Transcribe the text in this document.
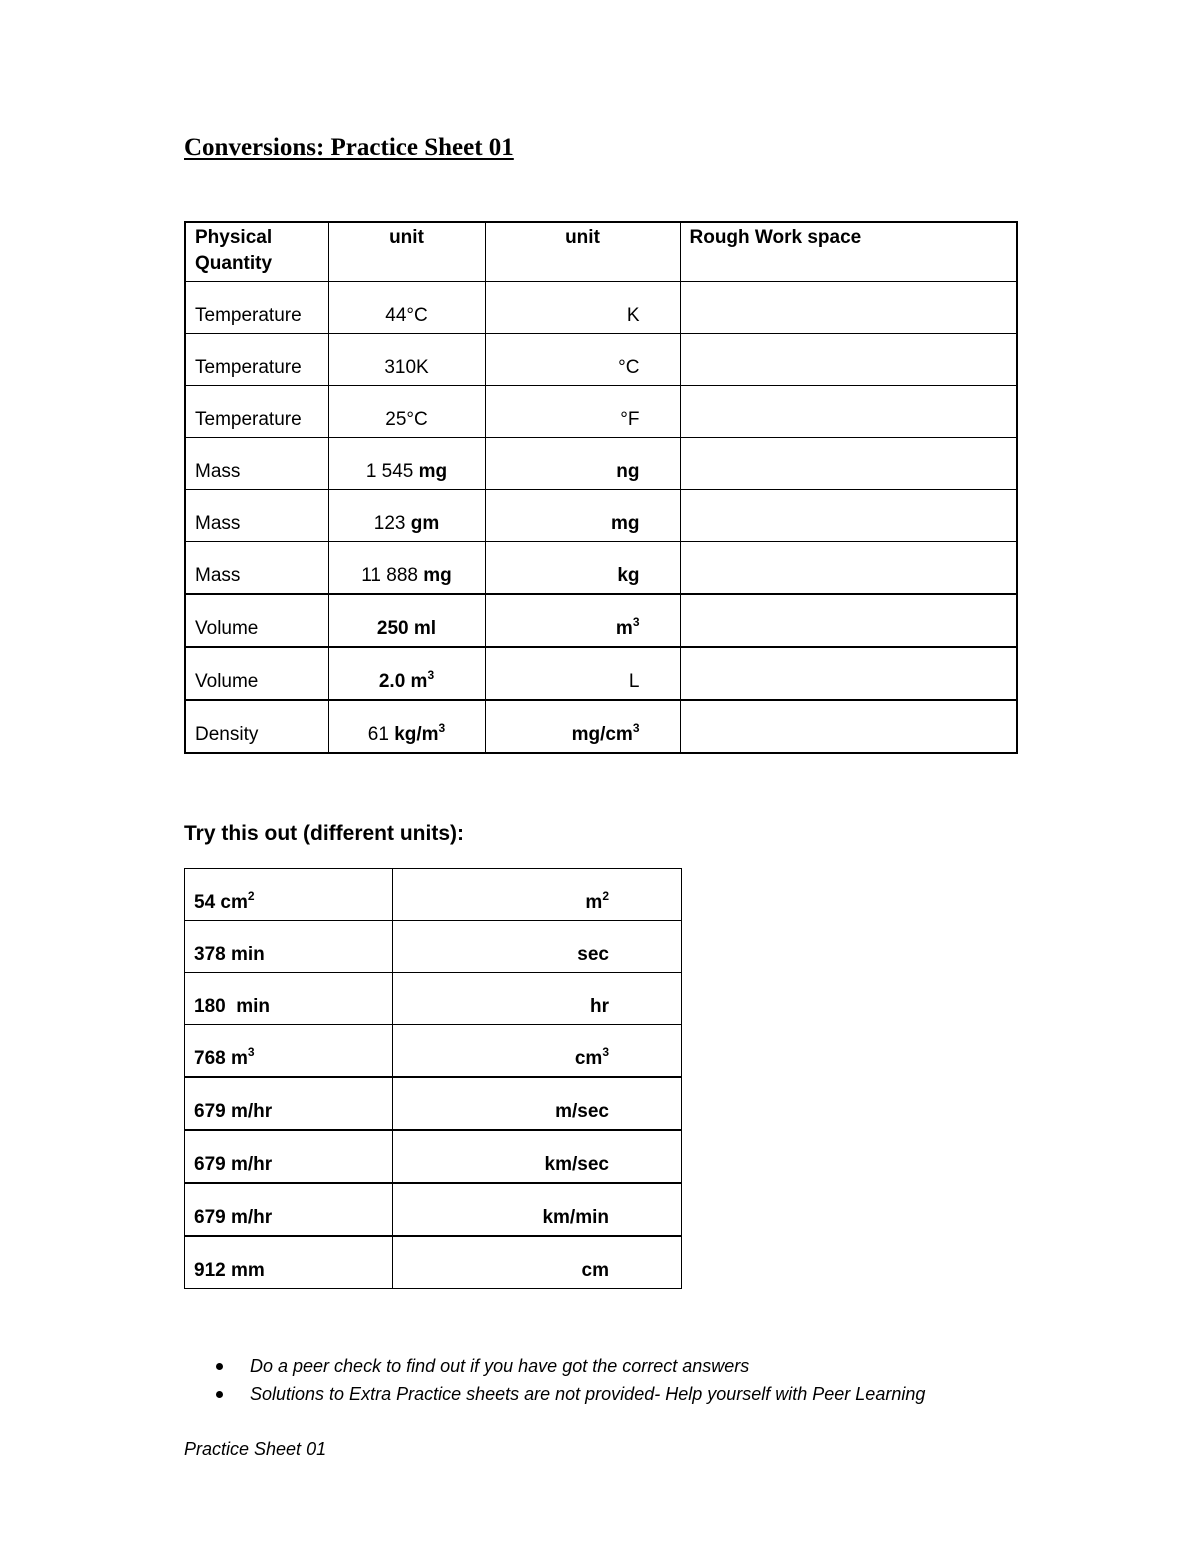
Conversions: Practice Sheet 01
Physical
Quantity	unit	unit	Rough Work space
Temperature	44°C	K	
Temperature	310K	°C	
Temperature	25°C	°F	
Mass	1 545 mg	ng	
Mass	123 gm	mg	
Mass	11 888 mg	kg	
Volume	250 ml	$m^3$	
Volume	2.0 $m^3$	L	
Density	61 $kg/m^3$	$mg/cm^3$	
Try this out (different units):
54 $cm^2$	$m^2$
378 min	sec
180  min	hr
768 $m^3$	$cm^3$
679 m/hr	m/sec
679 m/hr	km/sec
679 m/hr	km/min
912 mm	cm
Do a peer check to find out if you have got the correct answers
Solutions to Extra Practice sheets are not provided- Help yourself with Peer Learning
Practice Sheet 01
